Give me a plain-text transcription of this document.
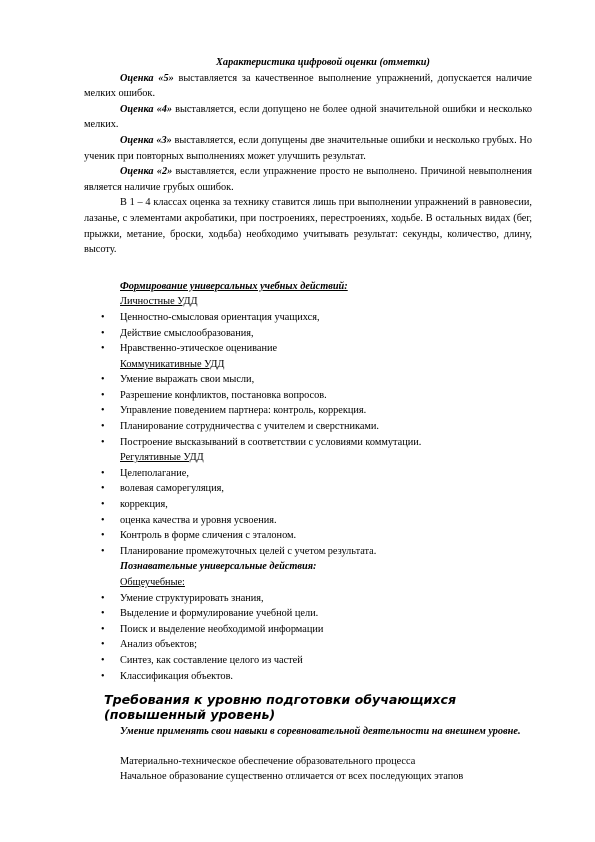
Характеристика цифровой оценки (отметки)

Оценка «5» выставляется за качественное выполнение упражнений, допускается наличие мелких ошибок.

Оценка «4» выставляется, если допущено не более одной значительной ошибки и несколько мелких.

Оценка «3» выставляется, если допущены две значительные ошибки и несколько грубых. Но ученик при повторных выполнениях может улучшить результат.

Оценка «2» выставляется, если упражнение просто не выполнено. Причиной невыполнения является наличие грубых ошибок.

В 1 – 4 классах оценка за технику ставится лишь при выполнении упражнений в равновесии, лазанье, с элементами акробатики, при построениях, перестроениях, ходьбе. В остальных видах (бег, прыжки, метание, броски, ходьба) необходимо учитывать результат: секунды, количество, длину, высоту.

Формирование универсальных учебных действий:

Личностные УДД

• Ценностно-смысловая ориентация учащихся,
• Действие смыслообразования,
• Нравственно-этическое оценивание

Коммуникативные УДД

• Умение выражать свои мысли,
• Разрешение конфликтов, постановка вопросов.
• Управление поведением партнера: контроль, коррекция.
• Планирование сотрудничества с учителем и сверстниками.
• Построение высказываний в соответствии с условиями коммутации.

Регулятивные УДД

• Целеполагание,
• волевая саморегуляция,
• коррекция,
• оценка качества и уровня усвоения.
• Контроль в форме сличения с эталоном.
• Планирование промежуточных целей с учетом результата.

Познавательные универсальные действия:

Общеучебные:

• Умение структурировать знания,
• Выделение и формулирование учебной цели.
• Поиск и выделение необходимой информации
• Анализ объектов;
• Синтез, как составление целого из частей
• Классификация объектов.

Требования к уровню подготовки обучающихся (повышенный уровень)

Умение применять свои навыки в соревновательной деятельности на внешнем уровне.

Материально-техническое обеспечение образовательного процесса

Начальное образование существенно отличается от всех последующих этапов
